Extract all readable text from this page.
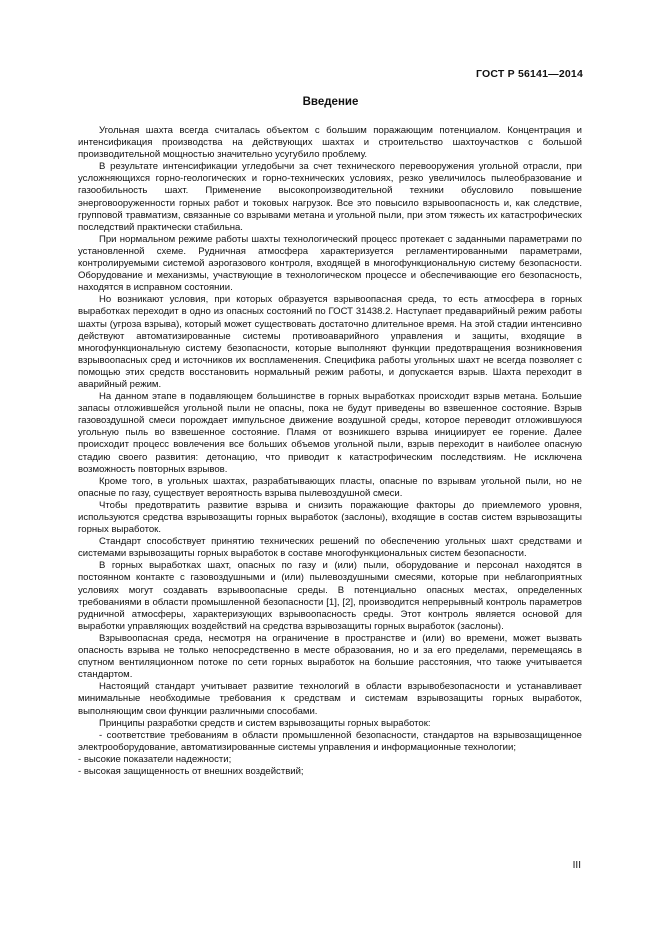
ГОСТ Р 56141—2014
Введение

Угольная шахта всегда считалась объектом с большим поражающим потенциалом. Концентрация и интенсификация производства на действующих шахтах и строительство шахтоучастков с большой производительной мощностью значительно усугубило проблему.

В результате интенсификации угледобычи за счет технического перевооружения угольной отрасли, при усложняющихся горно-геологических и горно-технических условиях, резко увеличилось пылеобразование и газообильность шахт. Применение высокопроизводительной техники обусловило повышение энерговооруженности горных работ и токовых нагрузок. Все это повысило взрывоопасность и, как следствие, групповой травматизм, связанные со взрывами метана и угольной пыли, при этом тяжесть их катастрофических последствий практически стабильна.

При нормальном режиме работы шахты технологический процесс протекает с заданными параметрами по установленной схеме. Рудничная атмосфера характеризуется регламентированными параметрами, контролируемыми системой аэрогазового контроля, входящей в многофункциональную систему безопасности. Оборудование и механизмы, участвующие в технологическом процессе и обеспечивающие его безопасность, находятся в исправном состоянии.

Но возникают условия, при которых образуется взрывоопасная среда, то есть атмосфера в горных выработках переходит в одно из опасных состояний по ГОСТ 31438.2. Наступает предаварийный режим работы шахты (угроза взрыва), который может существовать достаточно длительное время. На этой стадии интенсивно действуют автоматизированные системы противоаварийного управления и защиты, входящие в многофункциональную систему безопасности, которые выполняют функции предотвращения возникновения взрывоопасных сред и источников их воспламенения. Специфика работы угольных шахт не всегда позволяет с помощью этих средств восстановить нормальный режим работы, и допускается взрыв. Шахта переходит в аварийный режим.

На данном этапе в подавляющем большинстве в горных выработках происходит взрыв метана. Большие запасы отложившейся угольной пыли не опасны, пока не будут приведены во взвешенное состояние. Взрыв газовоздушной смеси порождает импульсное движение воздушной среды, которое переводит отложившуюся угольную пыль во взвешенное состояние. Пламя от возникшего взрыва инициирует ее горение. Далее происходит процесс вовлечения все больших объемов угольной пыли, взрыв переходит в наиболее опасную стадию своего развития: детонацию, что приводит к катастрофическим последствиям. Не исключена возможность повторных взрывов.

Кроме того, в угольных шахтах, разрабатывающих пласты, опасные по взрывам угольной пыли, но не опасные по газу, существует вероятность взрыва пылевоздушной смеси.

Чтобы предотвратить развитие взрыва и снизить поражающие факторы до приемлемого уровня, используются средства взрывозащиты горных выработок (заслоны), входящие в состав систем взрывозащиты горных выработок.

Стандарт способствует принятию технических решений по обеспечению угольных шахт средствами и системами взрывозащиты горных выработок в составе многофункциональных систем безопасности.

В горных выработках шахт, опасных по газу и (или) пыли, оборудование и персонал находятся в постоянном контакте с газовоздушными и (или) пылевоздушными смесями, которые при неблагоприятных условиях могут создавать взрывоопасные среды. В потенциально опасных местах, определенных требованиями в области промышленной безопасности [1], [2], производится непрерывный контроль параметров рудничной атмосферы, характеризующих взрывоопасность среды. Этот контроль является основой для выработки управляющих воздействий на средства взрывозащиты горных выработок (заслоны).

Взрывоопасная среда, несмотря на ограничение в пространстве и (или) во времени, может вызвать опасность взрыва не только непосредственно в месте образования, но и за его пределами, перемещаясь в спутном вентиляционном потоке по сети горных выработок на большие расстояния, что также учитывается стандартом.

Настоящий стандарт учитывает развитие технологий в области взрывобезопасности и устанавливает минимальные необходимые требования к средствам и системам взрывозащиты горных выработок, выполняющим свои функции различными способами.

Принципы разработки средств и систем взрывозащиты горных выработок:

- соответствие требованиям в области промышленной безопасности, стандартов на взрывозащищенное электрооборудование, автоматизированные системы управления и информационные технологии;

- высокие показатели надежности;

- высокая защищенность от внешних воздействий;

III
